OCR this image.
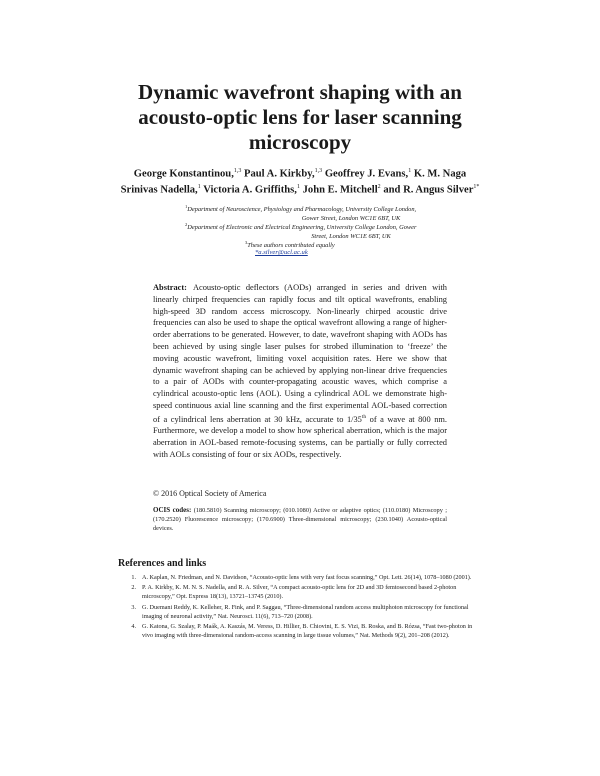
Dynamic wavefront shaping with an
acousto-optic lens for laser scanning
microscopy
George Konstantinou,$^{1,3}$ Paul A. Kirkby,$^{1,3}$ Geoffrey J. Evans,$^1$ K. M. Naga Srinivas Nadella,$^1$ Victoria A. Griffiths,$^1$ John E. Mitchell$^2$ and R. Angus Silver$^{1*}$
$^1$Department of Neuroscience, Physiology and Pharmacology, University College London,
Gower Street, London WC1E 6BT, UK
$^2$Department of Electronic and Electrical Engineering, University College London, Gower
Street, London WC1E 6BT, UK
$^3$These authors contributed equally
*a.silver@ucl.ac.uk
Abstract: Acousto-optic deflectors (AODs) arranged in series and driven with linearly chirped frequencies can rapidly focus and tilt optical wavefronts, enabling high-speed 3D random access microscopy. Non-linearly chirped acoustic drive frequencies can also be used to shape the optical wavefront allowing a range of higher-order aberrations to be generated. However, to date, wavefront shaping with AODs has been achieved by using single laser pulses for strobed illumination to ‘freeze’ the moving acoustic wavefront, limiting voxel acquisition rates. Here we show that dynamic wavefront shaping can be achieved by applying non-linear drive frequencies to a pair of AODs with counter-propagating acoustic waves, which comprise a cylindrical acousto-optic lens (AOL). Using a cylindrical AOL we demonstrate high-speed continuous axial line scanning and the first experimental AOL-based correction of a cylindrical lens aberration at 30 kHz, accurate to 1/35th of a wave at 800 nm. Furthermore, we develop a model to show how spherical aberration, which is the major aberration in AOL-based remote-focusing systems, can be partially or fully corrected with AOLs consisting of four or six AODs, respectively.
© 2016 Optical Society of America
OCIS codes: (180.5810) Scanning microscopy; (010.1080) Active or adaptive optics; (110.0180) Microscopy ; (170.2520) Fluorescence microscopy; (170.6900) Three-dimensional microscopy; (230.1040) Acousto-optical devices.
References and links
1. A. Kaplan, N. Friedman, and N. Davidson, “Acousto-optic lens with very fast focus scanning,” Opt. Lett. 26(14), 1078–1080 (2001).
2. P. A. Kirkby, K. M. N. S. Nadella, and R. A. Silver, “A compact acousto-optic lens for 2D and 3D femtosecond based 2-photon microscopy,” Opt. Express 18(13), 13721–13745 (2010).
3. G. Duemani Reddy, K. Kelleher, R. Fink, and P. Saggau, “Three-dimensional random access multiphoton microscopy for functional imaging of neuronal activity,” Nat. Neurosci. 11(6), 713–720 (2008).
4. G. Katona, G. Szalay, P. Maák, A. Kaszás, M. Veress, D. Hillier, B. Chiovini, E. S. Vizi, B. Roska, and B. Rózsa, “Fast two-photon in vivo imaging with three-dimensional random-access scanning in large tissue volumes,” Nat. Methods 9(2), 201–208 (2012).
